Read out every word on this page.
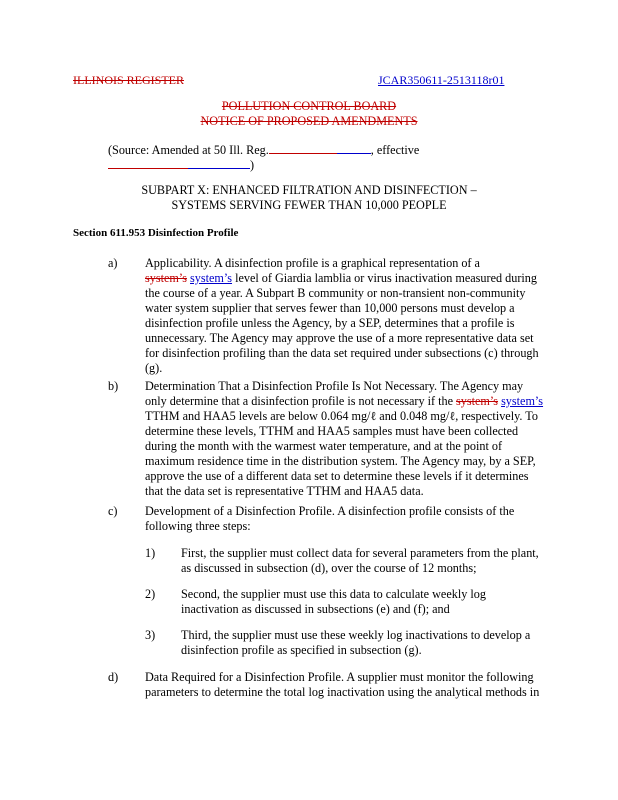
ILLINOIS REGISTER	JCAR350611-2513118r01
POLLUTION CONTROL BOARD
NOTICE OF PROPOSED AMENDMENTS
(Source: Amended at 50 Ill. Reg.	, effective
)
SUBPART X: ENHANCED FILTRATION AND DISINFECTION –
SYSTEMS SERVING FEWER THAN 10,000 PEOPLE
Section 611.953 Disinfection Profile
a) Applicability. A disinfection profile is a graphical representation of a
system’s system’s level of Giardia lamblia or virus inactivation measured during
the course of a year. A Subpart B community or non-transient non-community
water system supplier that serves fewer than 10,000 persons must develop a
disinfection profile unless the Agency, by a SEP, determines that a profile is
unnecessary. The Agency may approve the use of a more representative data set
for disinfection profiling than the data set required under subsections (c) through
(g).
b) Determination That a Disinfection Profile Is Not Necessary. The Agency may
only determine that a disinfection profile is not necessary if the system’s system’s
TTHM and HAA5 levels are below 0.064 mg/ℓ and 0.048 mg/ℓ, respectively. To
determine these levels, TTHM and HAA5 samples must have been collected
during the month with the warmest water temperature, and at the point of
maximum residence time in the distribution system. The Agency may, by a SEP,
approve the use of a different data set to determine these levels if it determines
that the data set is representative TTHM and HAA5 data.
c) Development of a Disinfection Profile. A disinfection profile consists of the
following three steps:
1) First, the supplier must collect data for several parameters from the plant,
as discussed in subsection (d), over the course of 12 months;
2) Second, the supplier must use this data to calculate weekly log
inactivation as discussed in subsections (e) and (f); and
3) Third, the supplier must use these weekly log inactivations to develop a
disinfection profile as specified in subsection (g).
d) Data Required for a Disinfection Profile. A supplier must monitor the following
parameters to determine the total log inactivation using the analytical methods in
